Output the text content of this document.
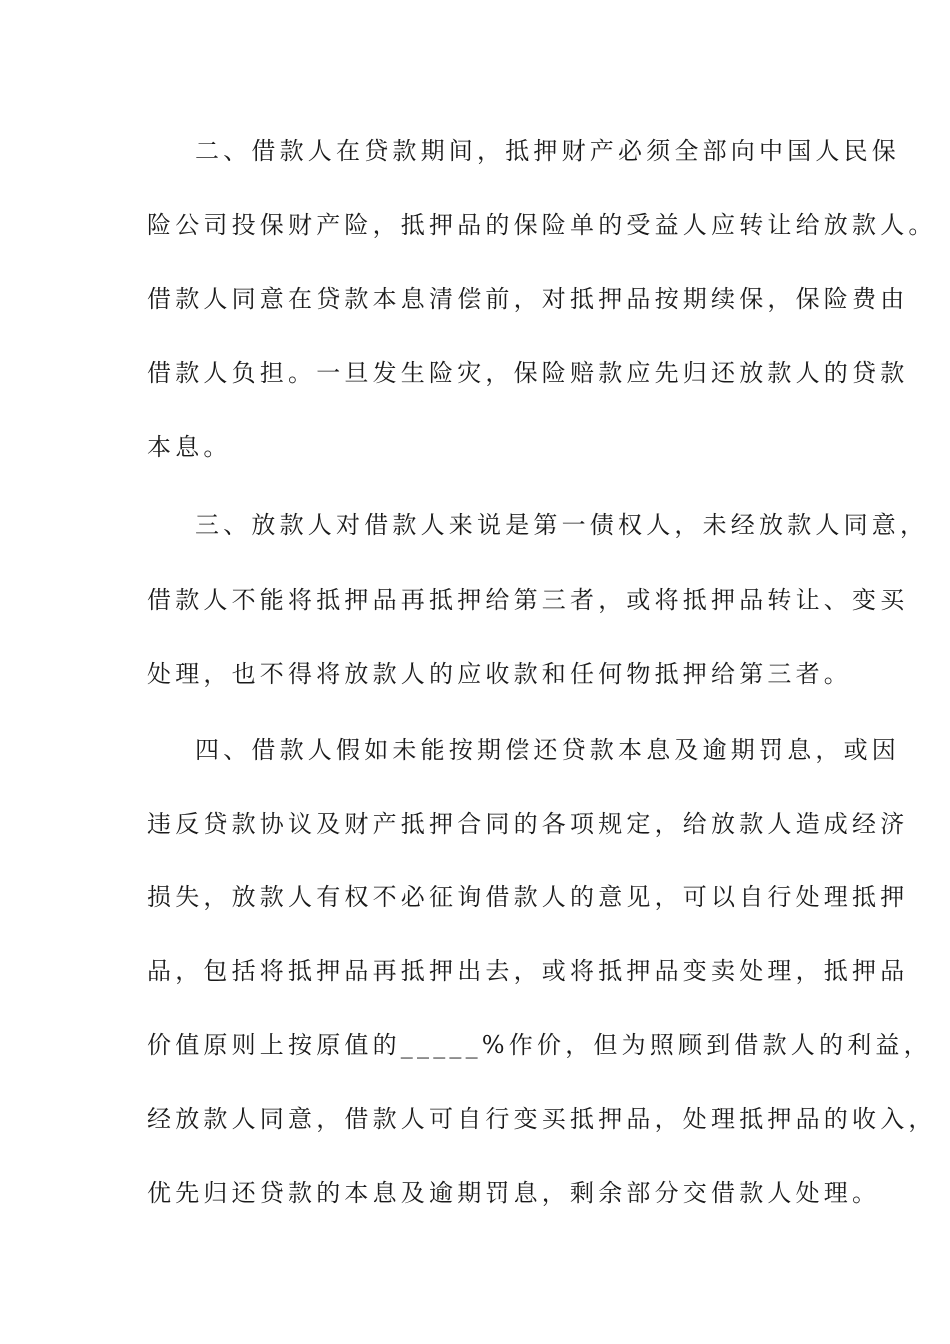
二、借款人在贷款期间，抵押财产必须全部向中国人民保
险公司投保财产险，抵押品的保险单的受益人应转让给放款人。
借款人同意在贷款本息清偿前，对抵押品按期续保，保险费由
借款人负担。一旦发生险灾，保险赔款应先归还放款人的贷款
本息。
三、放款人对借款人来说是第一债权人，未经放款人同意，
借款人不能将抵押品再抵押给第三者，或将抵押品转让、变买
处理，也不得将放款人的应收款和任何物抵押给第三者。
四、借款人假如未能按期偿还贷款本息及逾期罚息，或因
违反贷款协议及财产抵押合同的各项规定，给放款人造成经济
损失，放款人有权不必征询借款人的意见，可以自行处理抵押
品，包括将抵押品再抵押出去，或将抵押品变卖处理，抵押品
价值原则上按原值的_____%作价，但为照顾到借款人的利益，
经放款人同意，借款人可自行变买抵押品，处理抵押品的收入，
优先归还贷款的本息及逾期罚息，剩余部分交借款人处理。
